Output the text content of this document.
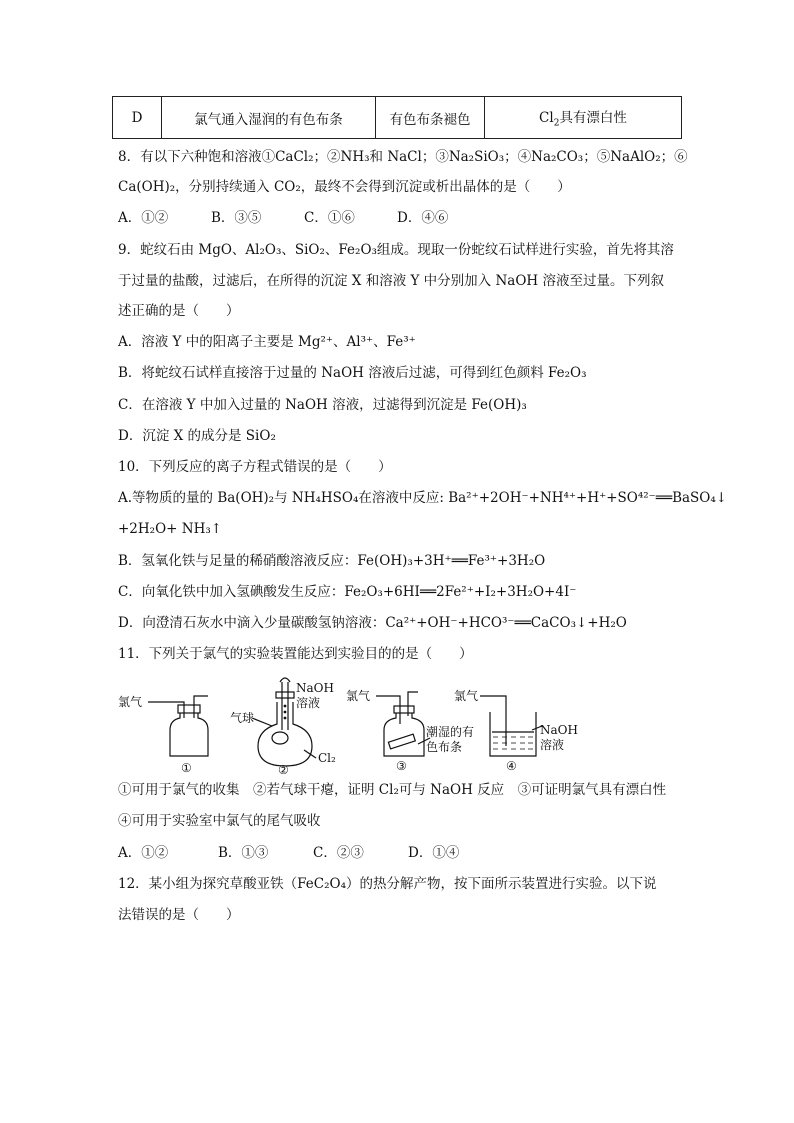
D	氯气通入湿润的有色布条	有色布条褪色	$Cl_2$具有漂白性
8．有以下六种饱和溶液①CaCl₂；②NH₃和 NaCl；③Na₂SiO₃；④Na₂CO₃；⑤NaAlO₂；⑥
Ca(OH)₂，分别持续通入 CO₂，最终不会得到沉淀或析出晶体的是（　　）
A．①②	B．③⑤	C．①⑥	D．④⑥
9．蛇纹石由 MgO、Al₂O₃、SiO₂、Fe₂O₃组成。现取一份蛇纹石试样进行实验，首先将其溶
于过量的盐酸，过滤后，在所得的沉淀 X 和溶液 Y 中分别加入 NaOH 溶液至过量。下列叙
述正确的是（　　）
A．溶液 Y 中的阳离子主要是 Mg²⁺、Al³⁺、Fe³⁺
B．将蛇纹石试样直接溶于过量的 NaOH 溶液后过滤，可得到红色颜料 Fe₂O₃
C．在溶液 Y 中加入过量的 NaOH 溶液，过滤得到沉淀是 Fe(OH)₃
D．沉淀 X 的成分是 SiO₂
10．下列反应的离子方程式错误的是（　　）
A.等物质的量的 Ba(OH)₂与 NH₄HSO₄在溶液中反应: Ba²⁺+2OH⁻+NH⁴⁺+H⁺+SO⁴²⁻══BaSO₄↓
+2H₂O+ NH₃↑
B．氢氧化铁与足量的稀硝酸溶液反应：Fe(OH)₃+3H⁺══Fe³⁺+3H₂O
C．向氧化铁中加入氢碘酸发生反应：Fe₂O₃+6HI══2Fe²⁺+I₂+3H₂O+4I⁻
D．向澄清石灰水中滴入少量碳酸氢钠溶液：Ca²⁺+OH⁻+HCO³⁻══CaCO₃↓+H₂O
11．下列关于氯气的实验装置能达到实验目的的是（　　）
氯气
气球
NaOH
溶液
Cl₂
氯气
潮湿的有
色布条
氯气
NaOH
溶液
①	②	③	④
①可用于氯气的收集　②若气球干瘪，证明 Cl₂可与 NaOH 反应　③可证明氯气具有漂白性
④可用于实验室中氯气的尾气吸收
A．①②	B．①③	C．②③	D．①④
12．某小组为探究草酸亚铁（FeC₂O₄）的热分解产物，按下面所示装置进行实验。以下说
法错误的是（　　）
